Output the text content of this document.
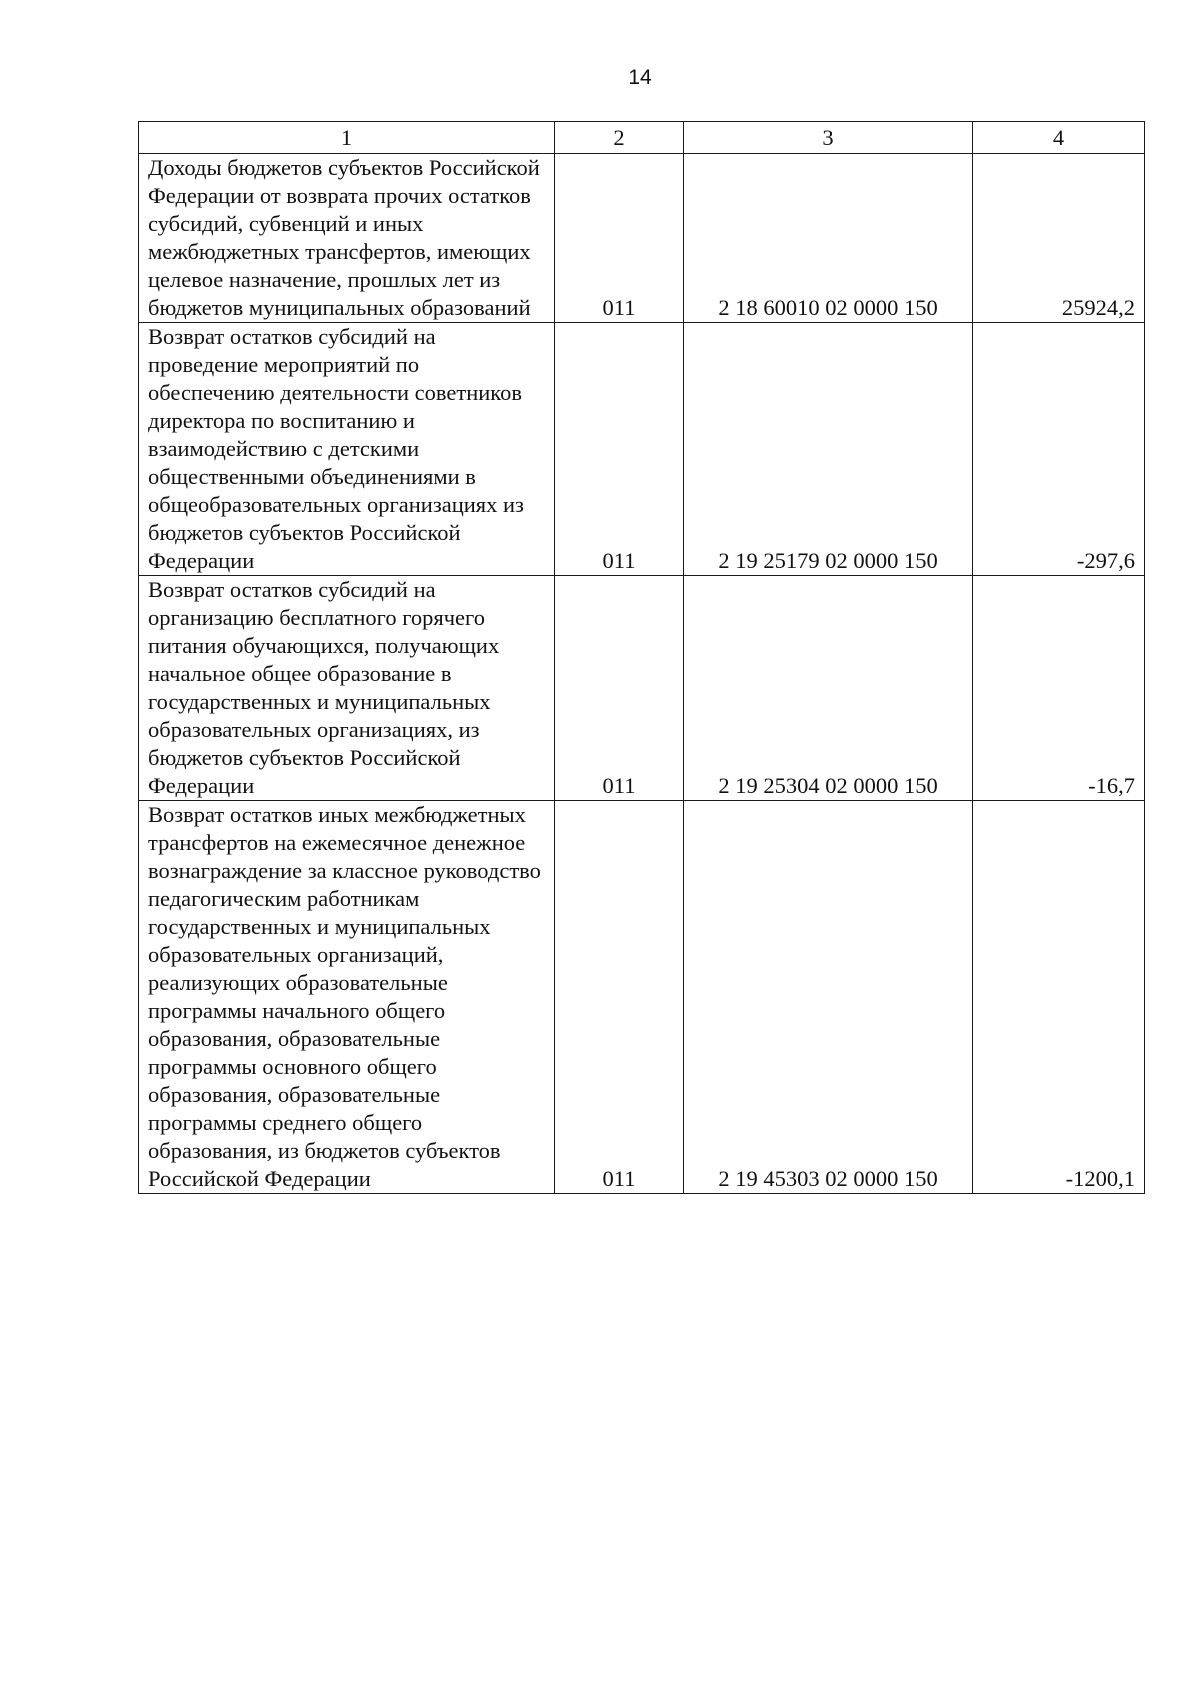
14
1	2	3	4
Доходы бюджетов субъектов Российской Федерации от возврата прочих остатков субсидий, субвенций и иных межбюджетных трансфертов, имеющих целевое назначение, прошлых лет из бюджетов муниципальных образований	011	2 18 60010 02 0000 150	25924,2
Возврат остатков субсидий на проведение мероприятий по обеспечению деятельности советников директора по воспитанию и взаимодействию с детскими общественными объединениями в общеобразовательных организациях из бюджетов субъектов Российской Федерации	011	2 19 25179 02 0000 150	-297,6
Возврат остатков субсидий на организацию бесплатного горячего питания обучающихся, получающих начальное общее образование в государственных и муниципальных образовательных организациях, из бюджетов субъектов Российской Федерации	011	2 19 25304 02 0000 150	-16,7
Возврат остатков иных межбюджетных трансфертов на ежемесячное денежное вознаграждение за классное руководство педагогическим работникам государственных и муниципальных образовательных организаций, реализующих образовательные программы начального общего образования, образовательные программы основного общего образования, образовательные программы среднего общего образования, из бюджетов субъектов Российской Федерации	011	2 19 45303 02 0000 150	-1200,1
